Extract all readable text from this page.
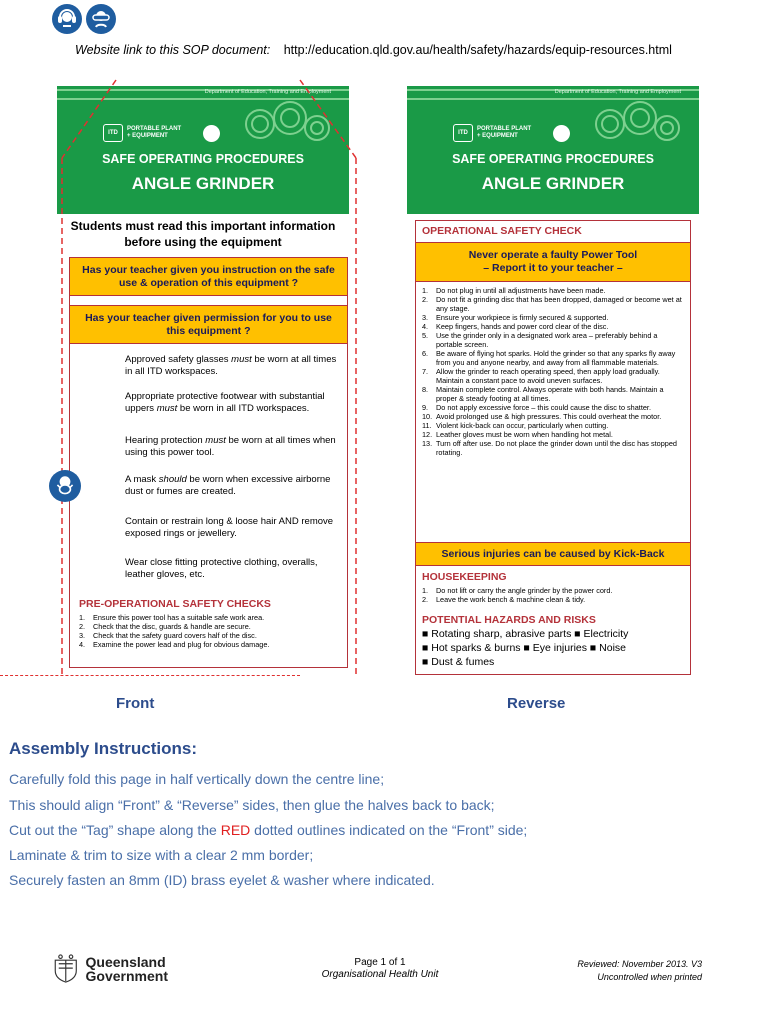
Website link to this SOP document: http://education.qld.gov.au/health/safety/hazards/equip-resources.html
Department of Education, Training and Employment
ITD
PORTABLE PLANT
+ EQUIPMENT
SAFE OPERATING PROCEDURES
ANGLE GRINDER
Students must read this important information before using the equipment
Has your teacher given you instruction on the safe use & operation of this equipment ?
Has your teacher given permission for you to use this equipment ?
Approved safety glasses must be worn at all times in all ITD workspaces.
Appropriate protective footwear with substantial uppers must be worn in all ITD workspaces.
Hearing protection must be worn at all times when using this power tool.
A mask should be worn when excessive airborne dust or fumes are created.
Contain or restrain long & loose hair AND remove exposed rings or jewellery.
Wear close fitting protective clothing, overalls, leather gloves, etc.
PRE-OPERATIONAL SAFETY CHECKS
1.	Ensure this power tool has a suitable safe work area.
2.	Check that the disc, guards & handle are secure.
3.	Check that the safety guard covers half of the disc.
4.	Examine the power lead and plug for obvious damage.
Front
Department of Education, Training and Employment
ITD
PORTABLE PLANT
+ EQUIPMENT
SAFE OPERATING PROCEDURES
ANGLE GRINDER
OPERATIONAL SAFETY CHECK
Never operate a faulty Power Tool
– Report it to your teacher –
1.	Do not plug in until all adjustments have been made.
2.	Do not fit a grinding disc that has been dropped, damaged or become wet at any stage.
3.	Ensure your workpiece is firmly secured & supported.
4.	Keep fingers, hands and power cord clear of the disc.
5.	Use the grinder only in a designated work area – preferably behind a portable screen.
6.	Be aware of flying hot sparks. Hold the grinder so that any sparks fly away from you and anyone nearby, and away from all flammable materials.
7.	Allow the grinder to reach operating speed, then apply load gradually. Maintain a constant pace to avoid uneven surfaces.
8.	Maintain complete control. Always operate with both hands. Maintain a proper & steady footing at all times.
9.	Do not apply excessive force – this could cause the disc to shatter.
10. Avoid prolonged use & high pressures. This could overheat the motor.
11. Violent kick-back can occur, particularly when cutting.
12. Leather gloves must be worn when handling hot metal.
13. Turn off after use. Do not place the grinder down until the disc has stopped rotating.
Serious injuries can be caused by Kick-Back
HOUSEKEEPING
1.	Do not lift or carry the angle grinder by the power cord.
2.	Leave the work bench & machine clean & tidy.
POTENTIAL HAZARDS AND RISKS
■ Rotating sharp, abrasive parts ■ Electricity
■ Hot sparks & burns ■ Eye injuries ■ Noise
■ Dust & fumes
Reverse
Assembly Instructions:
Carefully fold this page in half vertically down the centre line;
This should align “Front” & “Reverse” sides, then glue the halves back to back;
Cut out the “Tag” shape along the RED dotted outlines indicated on the “Front” side;
Laminate & trim to size with a clear 2 mm border;
Securely fasten an 8mm (ID) brass eyelet & washer where indicated.
Queensland
Government
Page 1 of 1
Organisational Health Unit
Reviewed: November 2013. V3
Uncontrolled when printed
